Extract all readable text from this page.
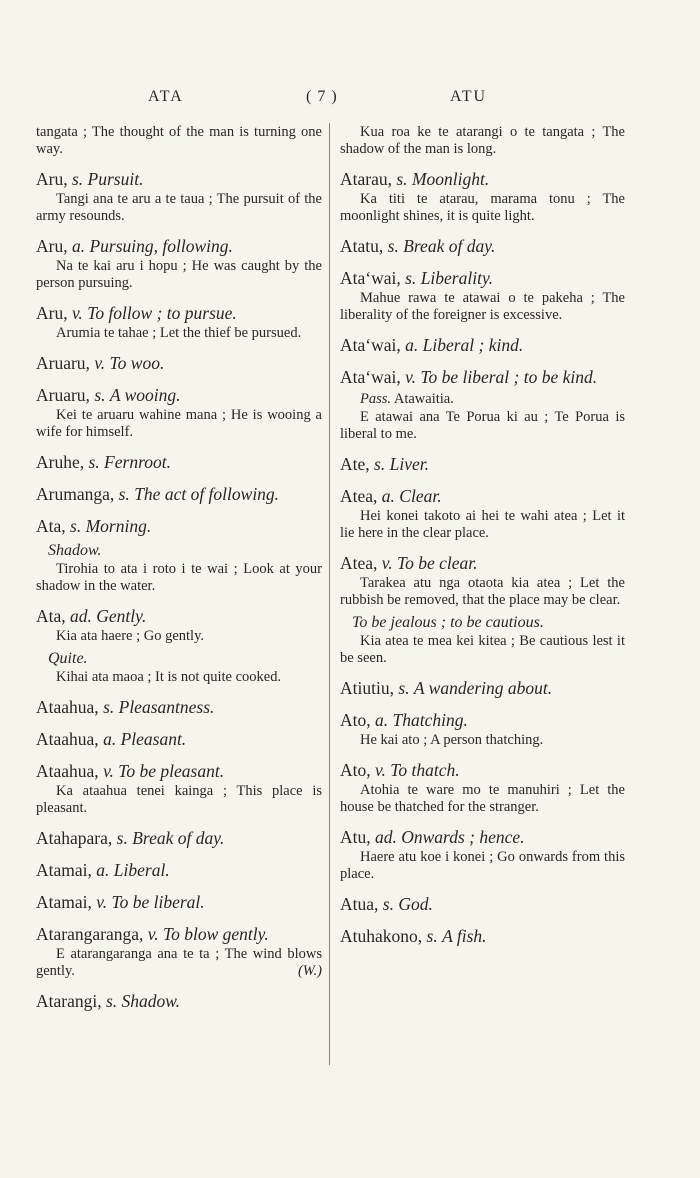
ATA	( 7 )	ATU
tangata ; The thought of the man is turning one way.
Aru, s. Pursuit.
Tangi ana te aru a te taua ; The pursuit of the army resounds.
Aru, a. Pursuing, following.
Na te kai aru i hopu ; He was caught by the person pursuing.
Aru, v. To follow ; to pursue.
Arumia te tahae ; Let the thief be pursued.
Aruaru, v. To woo.
Aruaru, s. A wooing.
Kei te aruaru wahine mana ; He is wooing a wife for himself.
Aruhe, s. Fernroot.
Arumanga, s. The act of following.
Ata, s. Morning.
Shadow.
Tirohia to ata i roto i te wai ; Look at your shadow in the water.
Ata, ad. Gently.
Kia ata haere ; Go gently.
Quite.
Kihai ata maoa ; It is not quite cooked.
Ataahua, s. Pleasantness.
Ataahua, a. Pleasant.
Ataahua, v. To be pleasant.
Ka ataahua tenei kainga ; This place is pleasant.
Atahapara, s. Break of day.
Atamai, a. Liberal.
Atamai, v. To be liberal.
Atarangaranga, v. To blow gently.
E atarangaranga ana te ta ; The wind blows gently.	(W.)
Atarangi, s. Shadow.
Kua roa ke te atarangi o te tangata ; The shadow of the man is long.
Atarau, s. Moonlight.
Ka titi te atarau, marama tonu ; The moonlight shines, it is quite light.
Atatu, s. Break of day.
Ata‘wai, s. Liberality.
Mahue rawa te atawai o te pakeha ; The liberality of the foreigner is excessive.
Ata‘wai, a. Liberal ; kind.
Ata‘wai, v. To be liberal ; to be kind.
Pass. Atawaitia.
E atawai ana Te Porua ki au ; Te Porua is liberal to me.
Ate, s. Liver.
Atea, a. Clear.
Hei konei takoto ai hei te wahi atea ; Let it lie here in the clear place.
Atea, v. To be clear.
Tarakea atu nga otaota kia atea ; Let the rubbish be removed, that the place may be clear.
To be jealous ; to be cautious.
Kia atea te mea kei kitea ; Be cautious lest it be seen.
Atiutiu, s. A wandering about.
Ato, a. Thatching.
He kai ato ; A person thatching.
Ato, v. To thatch.
Atohia te ware mo te manuhiri ; Let the house be thatched for the stranger.
Atu, ad. Onwards ; hence.
Haere atu koe i konei ; Go onwards from this place.
Atua, s. God.
Atuhakono, s. A fish.
